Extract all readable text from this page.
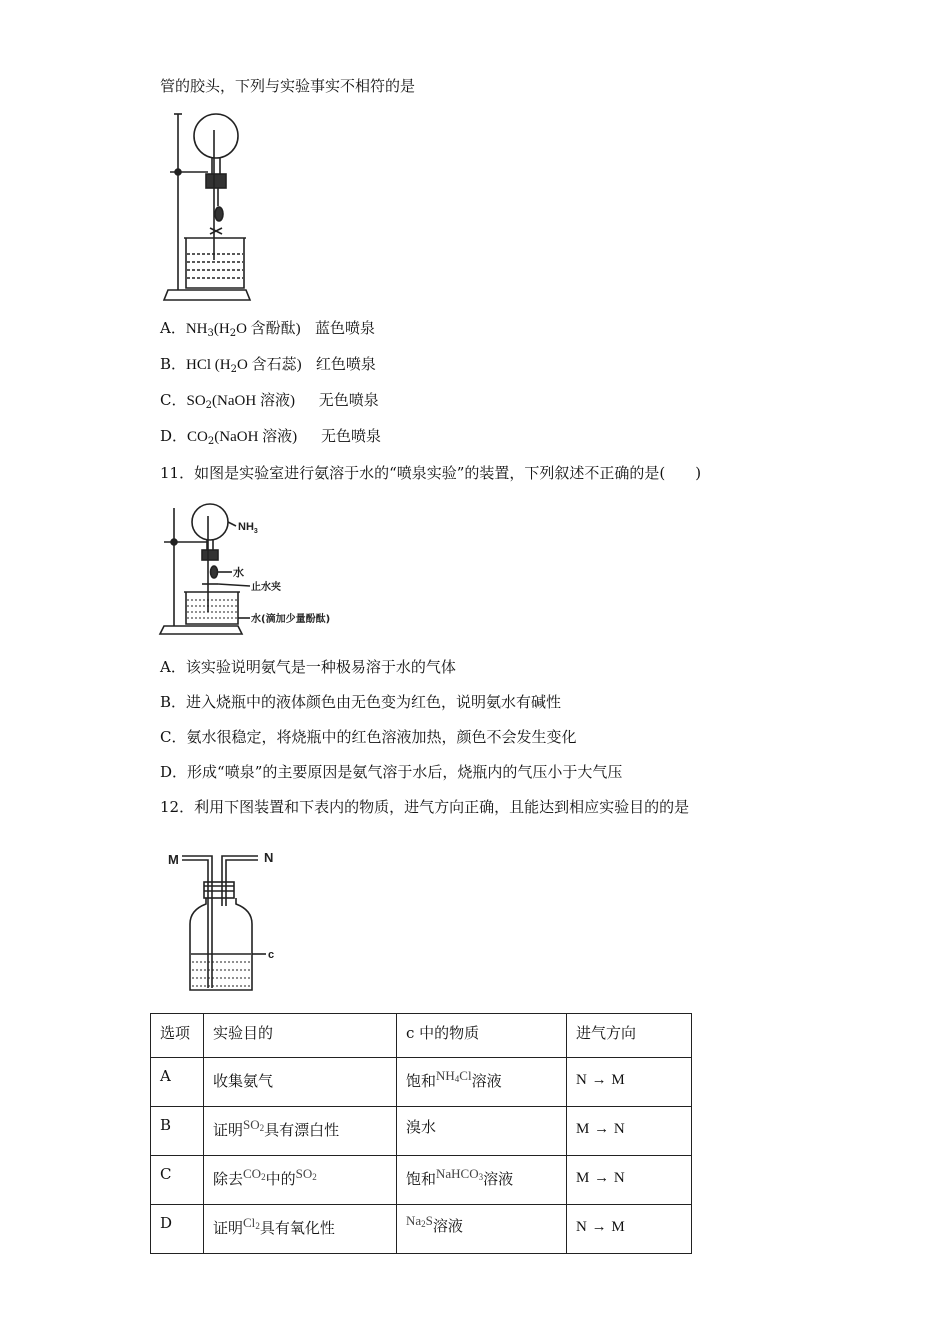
管的胶头，下列与实验事实不相符的是
A．$NH_3(H_2O$ 含酚酞) 蓝色喷泉
B．HCl ($H_2O$ 含石蕊) 红色喷泉
C．$SO_2(NaOH$ 溶液) 无色喷泉
D．$CO_2(NaOH$ 溶液) 无色喷泉
11．如图是实验室进行氨溶于水的“喷泉实验”的装置，下列叙述不正确的是(　　)
$NH_3$
水
止水夹
水(滴加少量酚酞)
A．该实验说明氨气是一种极易溶于水的气体
B．进入烧瓶中的液体颜色由无色变为红色，说明氨水有碱性
C．氨水很稳定，将烧瓶中的红色溶液加热，颜色不会发生变化
D．形成“喷泉”的主要原因是氨气溶于水后，烧瓶内的气压小于大气压
12．利用下图装置和下表内的物质，进气方向正确，且能达到相应实验目的的是
M	N
c
选项	实验目的	c 中的物质	进气方向
A	收集氨气	饱和NH4Cl溶液	N → M
B	证明SO2具有漂白性	溴水	M → N
C	除去CO2中的SO2	饱和NaHCO3溶液	M → N
D	证明Cl2具有氧化性	Na2S溶液	N → M
